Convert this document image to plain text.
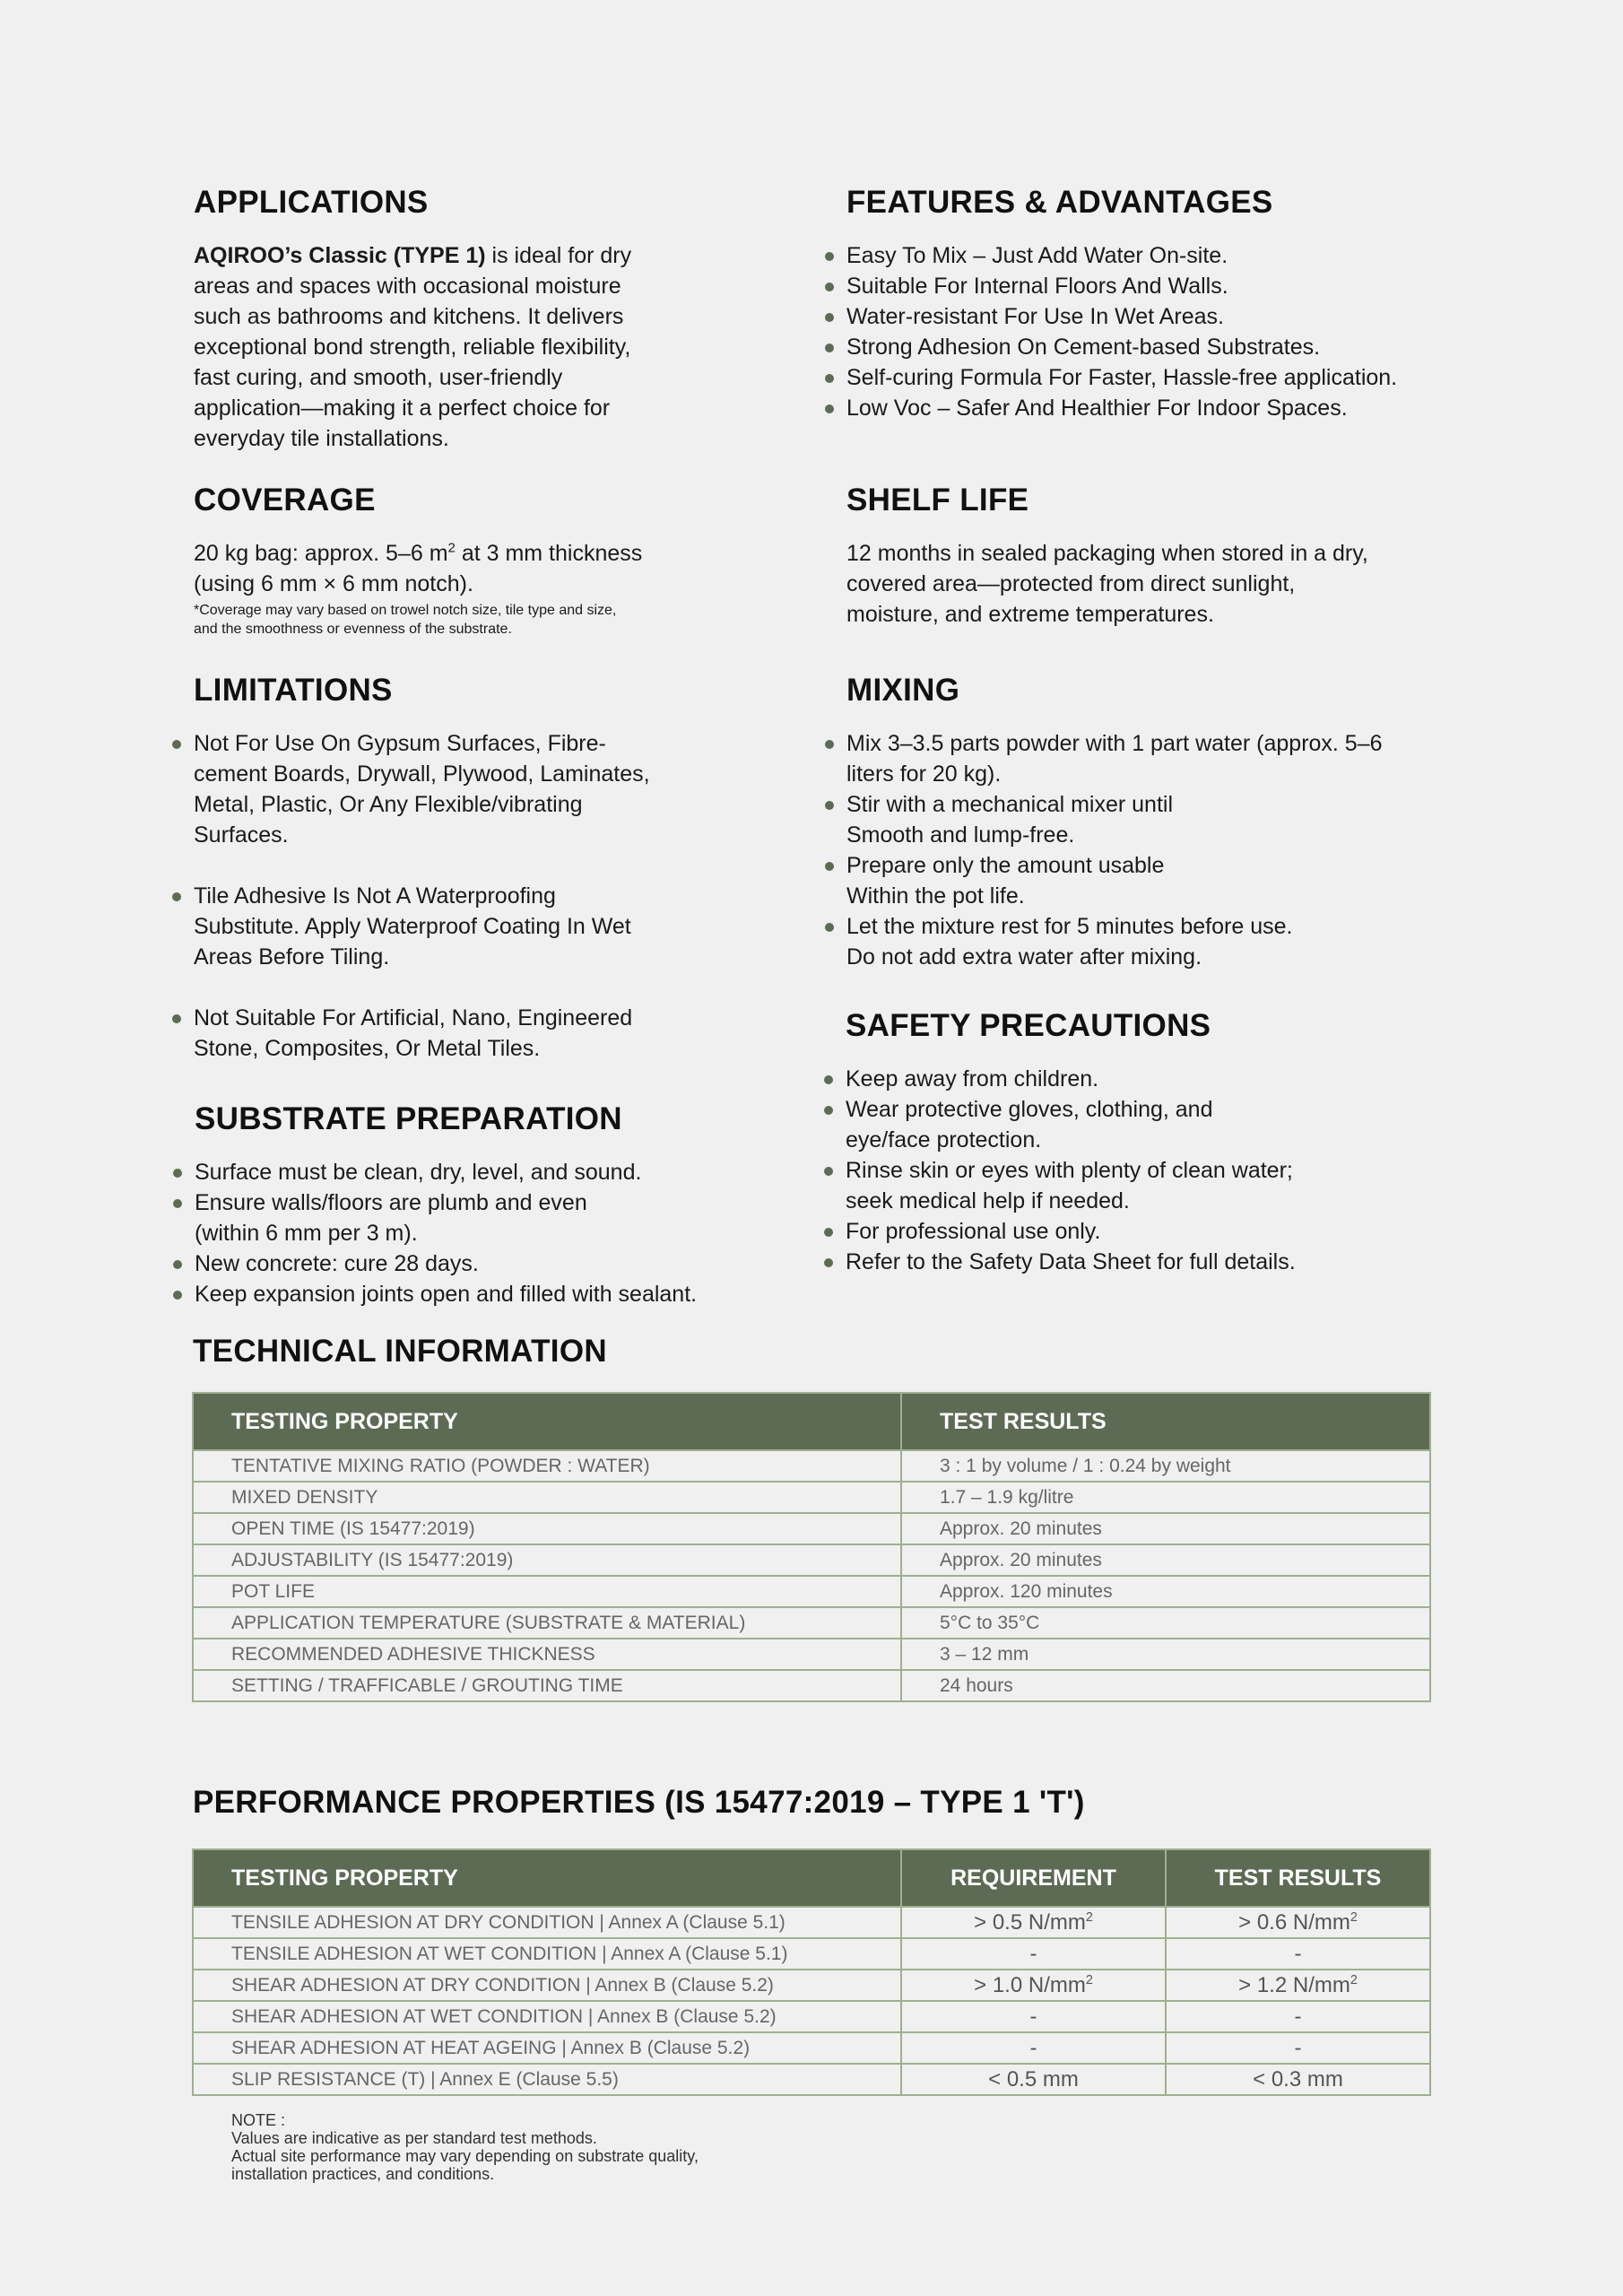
APPLICATIONS
AQIROO’s Classic (TYPE 1) is ideal for dry
areas and spaces with occasional moisture
such as bathrooms and kitchens. It delivers
exceptional bond strength, reliable flexibility,
fast curing, and smooth, user-friendly
application—making it a perfect choice for
everyday tile installations.
FEATURES & ADVANTAGES
Easy To Mix – Just Add Water On-site.
Suitable For Internal Floors And Walls.
Water-resistant For Use In Wet Areas.
Strong Adhesion On Cement-based Substrates.
Self-curing Formula For Faster, Hassle-free application.
Low Voc – Safer And Healthier For Indoor Spaces.
COVERAGE
20 kg bag: approx. 5–6 $m^2$ at 3 mm thickness
(using 6 mm × 6 mm notch).
*Coverage may vary based on trowel notch size, tile type and size,
and the smoothness or evenness of the substrate.
SHELF LIFE
12 months in sealed packaging when stored in a dry,
covered area—protected from direct sunlight,
moisture, and extreme temperatures.
LIMITATIONS
Not For Use On Gypsum Surfaces, Fibre-
cement Boards, Drywall, Plywood, Laminates,
Metal, Plastic, Or Any Flexible/vibrating
Surfaces.
Tile Adhesive Is Not A Waterproofing
Substitute. Apply Waterproof Coating In Wet
Areas Before Tiling.
Not Suitable For Artificial, Nano, Engineered
Stone, Composites, Or Metal Tiles.
MIXING
Mix 3–3.5 parts powder with 1 part water (approx. 5–6
liters for 20 kg).
Stir with a mechanical mixer until
Smooth and lump-free.
Prepare only the amount usable
Within the pot life.
Let the mixture rest for 5 minutes before use.
Do not add extra water after mixing.
SAFETY PRECAUTIONS
Keep away from children.
Wear protective gloves, clothing, and
eye/face protection.
Rinse skin or eyes with plenty of clean water;
seek medical help if needed.
For professional use only.
Refer to the Safety Data Sheet for full details.
SUBSTRATE PREPARATION
Surface must be clean, dry, level, and sound.
Ensure walls/floors are plumb and even
(within 6 mm per 3 m).
New concrete: cure 28 days.
Keep expansion joints open and filled with sealant.
TECHNICAL INFORMATION
TESTING PROPERTY	TEST RESULTS
TENTATIVE MIXING RATIO (POWDER : WATER)	3 : 1 by volume / 1 : 0.24 by weight
MIXED DENSITY	1.7 – 1.9 kg/litre
OPEN TIME (IS 15477:2019)	Approx. 20 minutes
ADJUSTABILITY (IS 15477:2019)	Approx. 20 minutes
POT LIFE	Approx. 120 minutes
APPLICATION TEMPERATURE (SUBSTRATE & MATERIAL)	5°C to 35°C
RECOMMENDED ADHESIVE THICKNESS	3 – 12 mm
SETTING / TRAFFICABLE / GROUTING TIME	24 hours
PERFORMANCE PROPERTIES (IS 15477:2019 – TYPE 1 'T')
TESTING PROPERTY	REQUIREMENT	TEST RESULTS
TENSILE ADHESION AT DRY CONDITION | Annex A (Clause 5.1)	> 0.5 $N/mm^2$	> 0.6 $N/mm^2$
TENSILE ADHESION AT WET CONDITION | Annex A (Clause 5.1)	-	-
SHEAR ADHESION AT DRY CONDITION | Annex B (Clause 5.2)	> 1.0 $N/mm^2$	> 1.2 $N/mm^2$
SHEAR ADHESION AT WET CONDITION | Annex B (Clause 5.2)	-	-
SHEAR ADHESION AT HEAT AGEING | Annex B (Clause 5.2)	-	-
SLIP RESISTANCE (T) | Annex E (Clause 5.5)	< 0.5 mm	< 0.3 mm
NOTE :
Values are indicative as per standard test methods.
Actual site performance may vary depending on substrate quality,
installation practices, and conditions.
